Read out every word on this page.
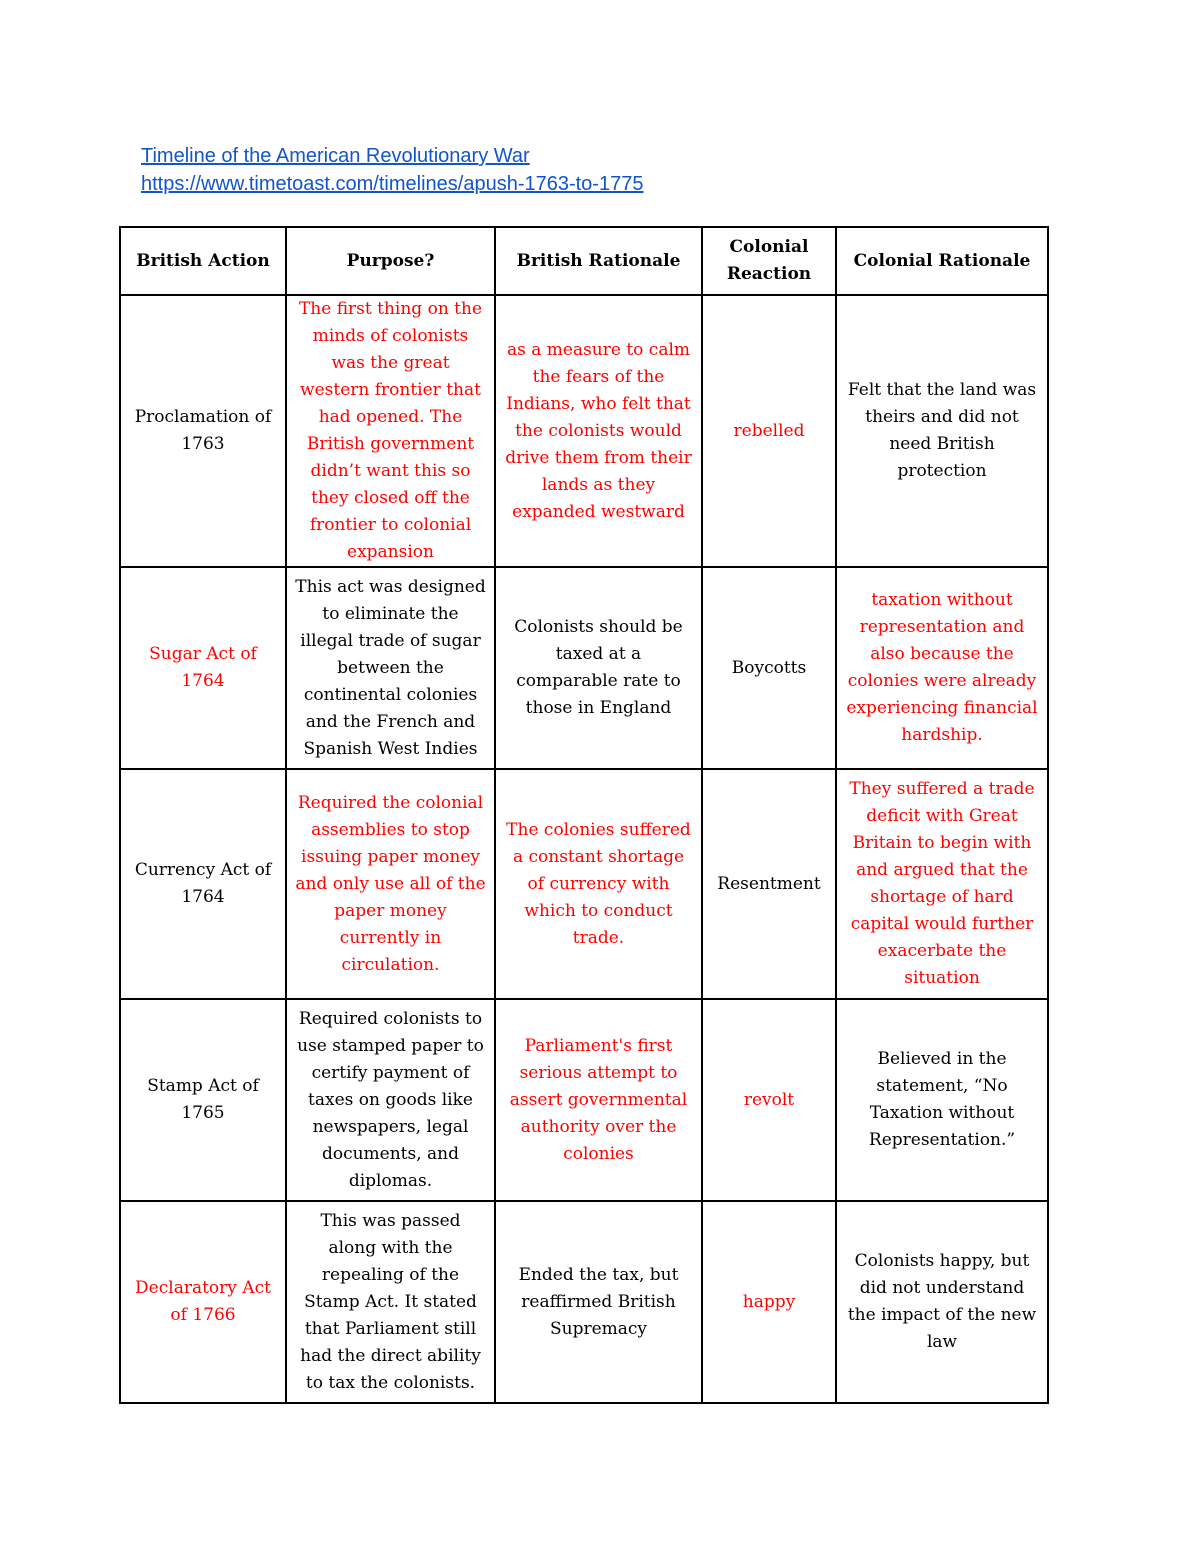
Timeline of the American Revolutionary War
https://www.timetoast.com/timelines/apush-1763-to-1775
British Action	Purpose?	British Rationale	Colonial Reaction	Colonial Rationale
Proclamation of 1763	The first thing on the minds of colonists was the great western frontier that had opened. The British government didn’t want this so they closed off the frontier to colonial expansion	as a measure to calm the fears of the Indians, who felt that the colonists would drive them from their lands as they expanded westward	rebelled	Felt that the land was theirs and did not need British protection
Sugar Act of 1764	This act was designed to eliminate the illegal trade of sugar between the continental colonies and the French and Spanish West Indies	Colonists should be taxed at a comparable rate to those in England	Boycotts	taxation without representation and also because the colonies were already experiencing financial hardship.
Currency Act of 1764	Required the colonial assemblies to stop issuing paper money and only use all of the paper money currently in circulation.	The colonies suffered a constant shortage of currency with which to conduct trade.	Resentment	They suffered a trade deficit with Great Britain to begin with and argued that the shortage of hard capital would further exacerbate the situation
Stamp Act of 1765	Required colonists to use stamped paper to certify payment of taxes on goods like newspapers, legal documents, and diplomas.	Parliament's first serious attempt to assert governmental authority over the colonies	revolt	Believed in the statement, “No Taxation without Representation.”
Declaratory Act of 1766	This was passed along with the repealing of the Stamp Act. It stated that Parliament still had the direct ability to tax the colonists.	Ended the tax, but reaffirmed British Supremacy	happy	Colonists happy, but did not understand the impact of the new law
